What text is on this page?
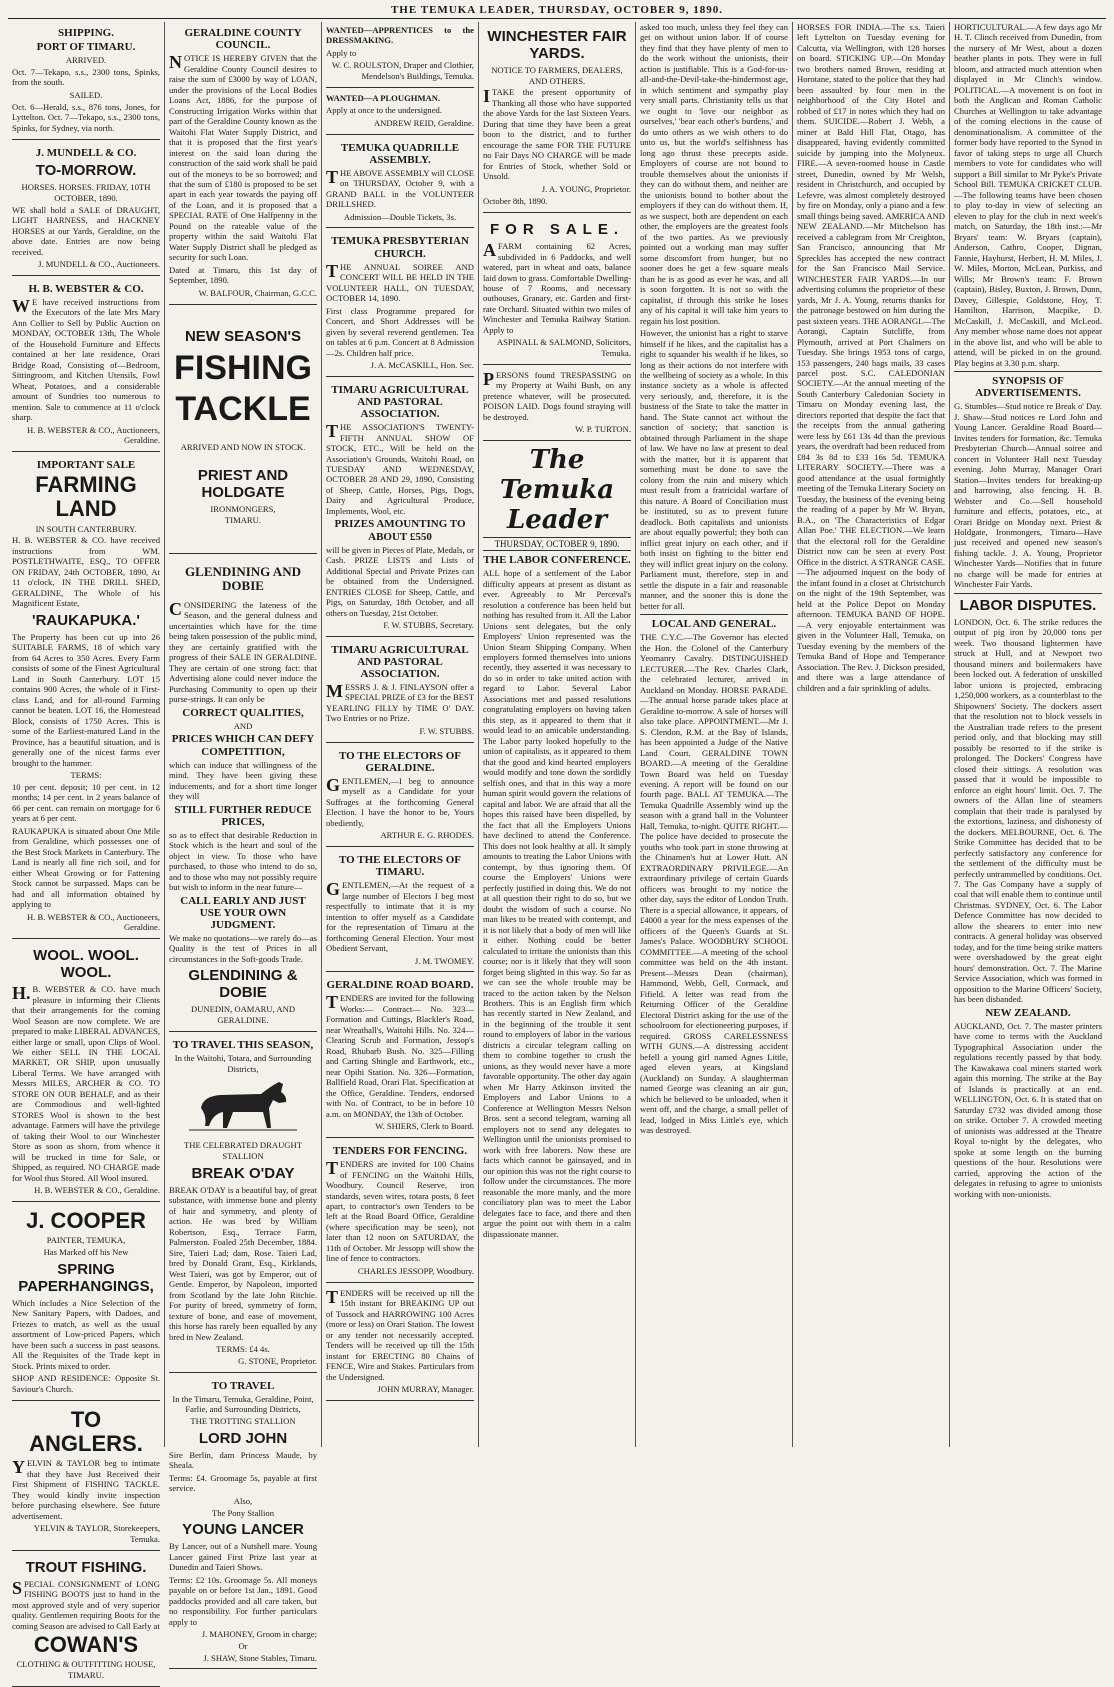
THE TEMUKA LEADER, THURSDAY, OCTOBER 9, 1890.
SHIPPING.
PORT OF TIMARU.
ARRIVED.

Oct. 7—Tekapo, s.s., 2300 tons, Spinks, from the south.

SAILED.

Oct. 6—Herald, s.s., 876 tons, Jones, for Lyttelton. Oct. 7—Tekapo, s.s., 2300 tons, Spinks, for Sydney, via north.

J. MUNDELL & CO.
TO-MORROW.
HORSES. HORSES. FRIDAY, 10TH OCTOBER, 1890.

WE shall hold a SALE of DRAUGHT, LIGHT HARNESS, and HACKNEY HORSES at our Yards, Geraldine, on the above date. Entries are now being received.

J. MUNDELL & CO., Auctioneers.
H. B. WEBSTER & CO.

WE have received instructions from the Executors of the late Mrs Mary Ann Collier to Sell by Public Auction on MONDAY, OCTOBER 13th, The Whole of the Household Furniture and Effects contained at her late residence, Orari Bridge Road, Consisting of—Bedroom, Sittingroom, and Kitchen Utensils, Fowl Wheat, Potatoes, and a considerable amount of Sundries too numerous to mention. Sale to commence at 11 o'clock sharp.

H. B. WEBSTER & CO., Auctioneers, Geraldine.
IMPORTANT SALE
FARMING LAND
IN SOUTH CANTERBURY.

H. B. WEBSTER & CO. have received instructions from WM. POSTLETHWAITE, ESQ., TO OFFER ON FRIDAY, 24th OCTOBER, 1890, At 11 o'clock, IN THE DRILL SHED, GERALDINE, The Whole of his Magnificent Estate,

'RAUKAPUKA.'

The Property has been cut up into 26 SUITABLE FARMS, 18 of which vary from 64 Acres to 350 Acres. Every Farm consists of some of the Finest Agricultural Land in South Canterbury. LOT 15 contains 900 Acres, the whole of it First-class Land, and for all-round Farming cannot be beaten. LOT 16, the Homestead Block, consists of 1750 Acres. This is some of the Earliest-matured Land in the Province, has a beautiful situation, and is generally one of the nicest farms ever brought to the hammer.

TERMS:

10 per cent. deposit; 10 per cent. in 12 months; 14 per cent. in 2 years balance of 66 per cent. can remain on mortgage for 6 years at 6 per cent.

RAUKAPUKA is situated about One Mile from Geraldine, which possesses one of the Best Stock Markets in Canterbury. The Land is nearly all fine rich soil, and for either Wheat Growing or for Fattening Stock cannot be surpassed. Maps can be had and all information obtained by applying to

H. B. WEBSTER & CO., Auctioneers, Geraldine.
WOOL. WOOL. WOOL.

H.B. WEBSTER & CO. have much pleasure in informing their Clients that their arrangements for the coming Wool Season are now complete. We are prepared to make LIBERAL ADVANCES, either large or small, upon Clips of Wool. We either SELL IN THE LOCAL MARKET, OR SHIP, upon unusually Liberal Terms. We have arranged with Messrs MILES, ARCHER & CO. TO STORE ON OUR BEHALF, and as their are Commodious and well-lighted STORES Wool is shown to the best advantage. Farmers will have the privilege of taking their Wool to our Winchester Store as soon as shorn, from whence it will be trucked in time for Sale, or Shipped, as required. NO CHARGE made for Wool thus Stored. All Wool insured.

H. B. WEBSTER & CO., Geraldine.
J. COOPER
PAINTER, TEMUKA,
Has Marked off his New
SPRING PAPERHANGINGS,

Which includes a Nice Selection of the New Sanitary Papers, with Dadoes, and Friezes to match, as well as the usual assortment of Low-priced Papers, which have been such a success in past seasons. All the Requisites of the Trade kept in Stock. Prints mixed to order.

SHOP AND RESIDENCE: Opposite St. Saviour's Church.

TO ANGLERS.

YELVIN & TAYLOR beg to intimate that they have Just Received their First Shipment of FISHING TACKLE. They would kindly invite inspection before purchasing elsewhere. See future advertisement.

YELVIN & TAYLOR, Storekeepers, Temuka.
TROUT FISHING.

SPECIAL CONSIGNMENT of LONG FISHING BOOTS just to hand in the most approved style and of very superior quality. Gentlemen requiring Boots for the coming Season are advised to Call Early at

COWAN'S
CLOTHING & OUTFITTING HOUSE, TIMARU.
GERALDINE COUNTY COUNCIL.

NOTICE IS HEREBY GIVEN that the Geraldine County Council desires to raise the sum of £3000 by way of LOAN, under the provisions of the Local Bodies Loans Act, 1886, for the purpose of Constructing Irrigation Works within that part of the Geraldine County known as the Waitohi Flat Water Supply District, and that it is proposed that the first year's interest on the said loan during the construction of the said work shall be paid out of the moneys to be so borrowed; and that the sum of £180 is proposed to be set apart in each year towards the paying off of the Loan, and it is proposed that a SPECIAL RATE of One Halfpenny in the Pound on the rateable value of the property within the said Waitohi Flat Water Supply District shall be pledged as security for such Loan.

Dated at Timaru, this 1st day of September, 1890.

W. BALFOUR, Chairman, G.C.C.
NEW SEASON'S
FISHING
TACKLE
ARRIVED AND NOW IN STOCK.
PRIEST AND HOLDGATE
IRONMONGERS,
TIMARU.
GLENDINING AND DOBIE

CONSIDERING the lateness of the Season, and the general dulness and uncertainties which have for the time being taken possession of the public mind, they are certainly gratified with the progress of their SALE IN GERALDINE. They are certain of one strong fact: that Advertising alone could never induce the Purchasing Community to open up their purse-strings. It can only be

CORRECT QUALITIES,
AND
PRICES WHICH CAN DEFY COMPETITION,

which can induce that willingness of the mind. They have been giving these inducements, and for a short time longer they will

STILL FURTHER REDUCE PRICES,

so as to effect that desirable Reduction in Stock which is the heart and soul of the object in view. To those who have purchased, to those who intend to do so, and to those who may not possibly require but wish to inform in the near future—

CALL EARLY AND JUST USE YOUR OWN JUDGMENT.

We make no quotations—we rarely do—as Quality is the test of Prices in all circumstances in the Soft-goods Trade.

GLENDINING & DOBIE
DUNEDIN, OAMARU, AND GERALDINE.
TO TRAVEL THIS SEASON,
In the Waitohi, Totara, and Surrounding Districts,
THE CELEBRATED DRAUGHT STALLION
BREAK O'DAY

BREAK O'DAY is a beautiful bay, of great substance, with immense bone and plenty of hair and symmetry, and plenty of action. He was bred by William Robertson, Esq., Terrace Farm, Palmerston. Foaled 25th December, 1884. Sire, Taieri Lad; dam, Rose. Taieri Lad, bred by Donald Grant, Esq., Kirklands, West Taieri, was got by Emperor, out of Gentle. Emperor, by Napoleon, imported from Scotland by the late John Ritchie. For purity of breed, symmetry of form, texture of bone, and ease of movement, this horse has rarely been equalled by any bred in New Zealand.

TERMS: £4 4s.
G. STONE, Proprietor.
TO TRAVEL
In the Timaru, Temuka, Geraldine, Point, Farlie, and Surrounding Districts,
THE TROTTING STALLION
LORD JOHN

Sire Berlin, dam Princess Maude, by Sheala.

Terms: £4. Groomage 5s, payable at first service.

Also,
The Pony Stallion
YOUNG LANCER

By Lancer, out of a Nutshell mare. Young Lancer gained First Prize last year at Dunedin and Taieri Shows.

Terms: £2 10s. Groomage 5s. All moneys payable on or before 1st Jan., 1891. Good paddocks provided and all care taken, but no responsibility. For further particulars apply to

J. MAHONEY, Groom in charge;
Or
J. SHAW, Stone Stables, Timaru.

WANTED—APPRENTICES to the DRESSMAKING.

Apply to

W. C. ROULSTON, Draper and Clothier, Mendelson's Buildings, Temuka.

WANTED—A PLOUGHMAN.

Apply at once to the undersigned.

ANDREW REID, Geraldine.
TEMUKA QUADRILLE ASSEMBLY.

THE ABOVE ASSEMBLY will CLOSE on THURSDAY, October 9, with a GRAND BALL in the VOLUNTEER DRILLSHED.

Admission—Double Tickets, 3s.
TEMUKA PRESBYTERIAN CHURCH.

THE ANNUAL SOIREE AND CONCERT WILL BE HELD IN THE VOLUNTEER HALL, ON TUESDAY, OCTOBER 14, 1890.

First class Programme prepared for Concert, and Short Addresses will be given by several reverend gentlemen. Tea on tables at 6 p.m. Concert at 8 Admission—2s. Children half price.

J. A. McCASKILL, Hon. Sec.
TIMARU AGRICULTURAL AND PASTORAL ASSOCIATION.

THE ASSOCIATION'S TWENTY-FIFTH ANNUAL SHOW OF STOCK, ETC., Will be held on the Association's Grounds, Waitohi Road, on TUESDAY AND WEDNESDAY, OCTOBER 28 AND 29, 1890, Consisting of Sheep, Cattle, Horses, Pigs, Dogs, Dairy and Agricultural Produce, Implements, Wool, etc.

PRIZES AMOUNTING TO ABOUT £550

will be given in Pieces of Plate, Medals, or Cash. PRIZE LISTS and Lists of Additional Special and Private Prizes can be obtained from the Undersigned. ENTRIES CLOSE for Sheep, Cattle, and Pigs, on Saturday, 18th October, and all others on Tuesday, 21st October.

F. W. STUBBS, Secretary.
TIMARU AGRICULTURAL AND PASTORAL ASSOCIATION.

MESSRS J. & J. FINLAYSON offer a SPECIAL PRIZE of £3 for the BEST YEARLING FILLY by TIME O' DAY. Two Entries or no Prize.

F. W. STUBBS.
TO THE ELECTORS OF GERALDINE.

GENTLEMEN,—I beg to announce myself as a Candidate for your Suffrages at the forthcoming General Election. I have the honor to be, Yours obediently,

ARTHUR E. G. RHODES.
TO THE ELECTORS OF TIMARU.

GENTLEMEN,—At the request of a large number of Electors I beg most respectfully to intimate that it is my intention to offer myself as a Candidate for the representation of Timaru at the forthcoming General Election. Your most Obedient Servant,

J. M. TWOMEY.
GERALDINE ROAD BOARD.

TENDERS are invited for the following Works:— Contract— No. 323—Formation and Cuttings, Blackler's Road, near Wreathall's, Waitohi Hills. No. 324—Clearing Scrub and Formation, Jessop's Road, Rhubarb Bush. No. 325—Filling and Carting Shingle and Earthwork, etc., near Opihi Station. No. 326—Formation, Ballfield Road, Orari Flat. Specification at the Office, Geraldine. Tenders, endorsed with No. of Contract, to be in before 10 a.m. on MONDAY, the 13th of October.

W. SHIERS, Clerk to Board.
TENDERS FOR FENCING.

TENDERS are invited for 100 Chains of FENCING on the Waitohi Hills, Woodbury. Council Reserve, iron standards, seven wires, totara posts, 8 feet apart, to contractor's own Tenders to be left at the Road Board Office, Geraldine (where specification may be seen), not later than 12 noon on SATURDAY, the 11th of October. Mr Jessopp will show the line of fence to contractors.

CHARLES JESSOPP, Woodbury.

TENDERS will be received up till the 15th instant for BREAKING UP out of Tussock and HARROWING 100 Acres (more or less) on Orari Station. The lowest or any tender not necessarily accepted. Tenders will be received up till the 15th instant for ERECTING 80 Chains of FENCE, Wire and Stakes. Particulars from the Undersigned.

JOHN MURRAY, Manager.
WINCHESTER FAIR YARDS.
NOTICE TO FARMERS, DEALERS, AND OTHERS.

ITAKE the present opportunity of Thanking all those who have supported the above Yards for the last Sixteen Years. During that time they have been a great boon to the district, and to further encourage the same FOR THE FUTURE no Fair Days NO CHARGE will be made for Entries of Stock, whether Sold or Unsold.

J. A. YOUNG, Proprietor.

October 8th, 1890.

FOR SALE.

AFARM containing 62 Acres, subdivided in 6 Paddocks, and well watered, part in wheat and oats, balance laid down to grass. Comfortable Dwelling-house of 7 Rooms, and necessary outhouses, Granary, etc. Garden and first-rate Orchard. Situated within two miles of Winchester and Temuka Railway Station. Apply to

ASPINALL & SALMOND, Solicitors, Temuka.

PERSONS found TRESPASSING on my Property at Waihi Bush, on any pretence whatever, will be prosecuted. POISON LAID. Dogs found straying will be destroyed.

W. P. TURTON.
The Temuka Leader
THURSDAY, OCTOBER 9, 1890.
THE LABOR CONFERENCE.

ALL hope of a settlement of the Labor difficulty appears at present as distant as ever. Agreeably to Mr Perceval's resolution a conference has been held but nothing has resulted from it. All the Labor Unions sent delegates, but the only Employers' Union represented was the Union Steam Shipping Company. When employers formed themselves into unions recently, they asserted it was necessary to do so in order to take united action with regard to Labor. Several Labor Associations met and passed resolutions congratulating employers on having taken this step, as it appeared to them that it would lead to an amicable understanding. The Labor party looked hopefully to the union of capitalists, as it appeared to them that the good and kind hearted employers would modify and tone down the sordidly selfish ones, and that in this way a more human spirit would govern the relations of capital and labor. We are afraid that all the hopes this raised have been dispelled, by the fact that all the Employers Unions have declined to attend the Conference. This does not look healthy at all. It simply amounts to treating the Labor Unions with contempt, by thus ignoring them. Of course the Employers' Unions were perfectly justified in doing this. We do not at all question their right to do so, but we doubt the wisdom of such a course. No man likes to be treated with contempt, and it is not likely that a body of men will like it either. Nothing could be better calculated to irritate the unionists than this course; nor is it likely that they will soon forget being slighted in this way. So far as we can see the whole trouble may be traced to the action taken by the Nelson Brothers. This is an English firm which has recently started in New Zealand, and in the beginning of the trouble it sent round to employers of labor in the various districts a circular telegram calling on them to combine together to crush the unions, as they would never have a more favorable opportunity. The other day again when Mr Harry Atkinson invited the Employers and Labor Unions to a Conference at Wellington Messrs Nelson Bros. sent a second telegram, warning all employers not to send any delegates to Wellington until the unionists promised to work with free laborers. Now these are facts which cannot be gainsayed, and in our opinion this was not the right course to follow under the circumstances. The more reasonable the more manly, and the more conciliatory plan was to meet the Labor delegates face to face, and there and then argue the point out with them in a calm dispassionate manner.

asked too much, unless they feel they can get on without union labor. If of course they find that they have plenty of men to do the work without the unionists, their action is justifiable. This is a God-for-us-all-and-the-Devil-take-the-hindermost age, in which sentiment and sympathy play very small parts. Christianity tells us that we ought to 'love our neighbor as ourselves,' 'bear each other's burdens,' and do unto others as we wish others to do unto us, but the world's selfishness has long ago thrust these precepts aside. Employers of course are not bound to trouble themselves about the unionists if they can do without them, and neither are the unionists bound to bother about the employers if they can do without them. If, as we suspect, both are dependent on each other, the employers are the greatest fools of the two parties. As we previously pointed out a working man may suffer some discomfort from hunger, but no sooner does he get a few square meals than he is as good as ever he was, and all is soon forgotten. It is not so with the capitalist, if through this strike he loses any of his capital it will take him years to regain his lost position.

However, the unionist has a right to starve himself if he likes, and the capitalist has a right to squander his wealth if he likes, so long as their actions do not interfere with the wellbeing of society as a whole. In this instance society as a whole is affected very seriously, and, therefore, it is the business of the State to take the matter in hand. The State cannot act without the sanction of society; that sanction is obtained through Parliament in the shape of law. We have no law at present to deal with the matter, but it is apparent that something must be done to save the colony from the ruin and misery which must result from a fratricidal warfare of this nature. A Board of Conciliation must be instituted, so as to prevent future deadlock. Both capitalists and unionists are about equally powerful; they both can inflict great injury on each other, and if both insist on fighting to the bitter end they will inflict great injury on the colony. Parliament must, therefore, step in and settle the dispute in a fair and reasonable manner, and the sooner this is done the better for all.

LOCAL AND GENERAL.

THE C.Y.C.—The Governor has elected the Hon. the Colonel of the Canterbury Yeomanry Cavalry. DISTINGUISHED LECTURER.—The Rev. Charles Clark, the celebrated lecturer, arrived in Auckland on Monday. HORSE PARADE.—The annual horse parade takes place at Geraldine to-morrow. A sale of horses will also take place. APPOINTMENT.—Mr J. S. Clendon, R.M. at the Bay of Islands, has been appointed a Judge of the Native Land Court. GERALDINE TOWN BOARD.—A meeting of the Geraldine Town Board was held on Tuesday evening. A report will be found on our fourth page. BALL AT TEMUKA.—The Temuka Quadrille Assembly wind up the season with a grand ball in the Volunteer Hall, Temuka, to-night. QUITE RIGHT.—The police have decided to prosecute the youths who took part in stone throwing at the Chinamen's hut at Lower Hutt. AN EXTRAORDINARY PRIVILEGE.—An extraordinary privilege of certain Guards officers was brought to my notice the other day, says the editor of London Truth. There is a special allowance, it appears, of £4000 a year for the mess expenses of the officers of the Queen's Guards at St. James's Palace. WOODBURY SCHOOL COMMITTEE.—A meeting of the school committee was held on the 4th instant. Present—Messrs Dean (chairman), Hammond, Webb, Gell, Cormack, and Fifield. A letter was read from the Returning Officer of the Geraldine Electoral District asking for the use of the schoolroom for electioneering purposes, if required. GROSS CARELESSNESS WITH GUNS.—A distressing accident befell a young girl named Agnes Little, aged eleven years, at Kingsland (Auckland) on Sunday. A slaughterman named George was cleaning an air gun, which he believed to be unloaded, when it went off, and the charge, a small pellet of lead, lodged in Miss Little's eye, which was destroyed.

HORSES FOR INDIA.—The s.s. Taieri left Lyttelton on Tuesday evening for Calcutta, via Wellington, with 128 horses on board. STICKING UP.—On Monday two brothers named Brown, residing at Horotane, stated to the police that they had been assaulted by four men in the neighborhood of the City Hotel and robbed of £17 in notes which they had on them. SUICIDE.—Robert J. Webb, a miner at Bald Hill Flat, Otago, has disappeared, having evidently committed suicide by jumping into the Molyneux. FIRE.—A seven-roomed house in Castle street, Dunedin, owned by Mr Welsh, resident in Christchurch, and occupied by Lefevre, was almost completely destroyed by fire on Monday, only a piano and a few small things being saved. AMERICA AND NEW ZEALAND.—Mr Mitchelson has received a cablegram from Mr Creighton, San Francisco, announcing that Mr Spreckles has accepted the new contract for the San Francisco Mail Service. WINCHESTER FAIR YARDS.—In our advertising columns the proprietor of these yards, Mr J. A. Young, returns thanks for the patronage bestowed on him during the past sixteen years. THE AORANGI.—The Aorangi, Captain Sutcliffe, from Plymouth, arrived at Port Chalmers on Tuesday. She brings 1953 tons of cargo, 153 passengers, 240 bags mails, 33 cases parcel post. S.C. CALEDONIAN SOCIETY.—At the annual meeting of the South Canterbury Caledonian Society in Timaru on Monday evening last, the directors reported that despite the fact that the receipts from the annual gathering were less by £61 13s 4d than the previous years, the overdraft had been reduced from £84 3s 8d to £33 16s 5d. TEMUKA LITERARY SOCIETY.—There was a good attendance at the usual fortnightly meeting of the Temuka Literary Society on Tuesday, the business of the evening being the reading of a paper by Mr W. Bryan, B.A., on 'The Characteristics of Edgar Allan Poe.' THE ELECTION.—We learn that the electoral roll for the Geraldine District now can be seen at every Post Office in the district. A STRANGE CASE.—The adjourned inquest on the body of the infant found in a closet at Christchurch on the night of the 19th September, was held at the Police Depot on Monday afternoon. TEMUKA BAND OF HOPE.—A very enjoyable entertainment was given in the Volunteer Hall, Temuka, on Tuesday evening by the members of the Temuka Band of Hope and Temperance Association. The Rev. J. Dickson presided, and there was a large attendance of children and a fair sprinkling of adults.

HORTICULTURAL.—A few days ago Mr H. T. Clinch received from Dunedin, from the nursery of Mr West, about a dozen heather plants in pots. They were in full bloom, and attracted much attention when displayed in Mr Clinch's window. POLITICAL.—A movement is on foot in both the Anglican and Roman Catholic Churches at Wellington to take advantage of the coming elections in the cause of denominationalism. A committee of the former body have reported to the Synod in favor of taking steps to urge all Church members to vote for candidates who will support a Bill similar to Mr Pyke's Private School Bill. TEMUKA CRICKET CLUB.—The following teams have been chosen to play to-day in view of selecting an eleven to play for the club in next week's match, on Saturday, the 18th inst.:—Mr Bryars' team: W. Bryars (captain), Anderson, Cathro, Cooper, Dignan, Fannie, Hayhurst, Herbert, H. M. Miles, J. W. Miles, Morton, McLean, Purkiss, and Wills; Mr Brown's team: F. Brown (captain), Bisley, Buxton, J. Brown, Dunn, Davey, Gillespie, Goldstone, Hoy, T. Hamilton, Harrison, Macpike, D. McCaskill, J. McCaskill, and McLeod. Any member whose name does not appear in the above list, and who will be able to attend, will be picked in on the ground. Play begins at 3.30 p.m. sharp.

SYNOPSIS OF ADVERTISEMENTS.

G. Stumbles—Stud notice re Break o' Day. J. Shaw—Stud notices re Lord John and Young Lancer. Geraldine Road Board—Invites tenders for formation, &c. Temuka Presbyterian Church—Annual soiree and concert in Volunteer Hall next Tuesday evening. John Murray, Manager Orari Station—Invites tenders for breaking-up and harrowing, also fencing. H. B. Webster and Co.—Sell household furniture and effects, potatoes, etc., at Orari Bridge on Monday next. Priest & Holdgate, Ironmongers, Timaru—Have just received and opened new season's fishing tackle. J. A. Young, Proprietor Winchester Yards—Notifies that in future no charge will be made for entries at Winchester Fair Yards.

LABOR DISPUTES.

LONDON, Oct. 6. The strike reduces the output of pig iron by 20,000 tons per week. Two thousand lightermen have struck at Hull, and at Newport two thousand miners and boilermakers have been locked out. A federation of unskilled labor unions is projected, embracing 1,250,000 workers, as a counterblast to the Shipowners' Society. The dockers assert that the resolution not to block vessels in the Australian trade refers to the present period only, and that blocking may still possibly be resorted to if the strike is prolonged. The Dockers' Congress have closed their sittings. A resolution was passed that it would be impossible to enforce an eight hours' limit. Oct. 7. The owners of the Allan line of steamers complain that their trade is paralysed by the extortions, laziness, and dishonesty of the dockers. MELBOURNE, Oct. 6. The Strike Committee has decided that to be perfectly satisfactory any conference for the settlement of the difficulty must be perfectly untrammelled by conditions. Oct. 7. The Gas Company have a supply of coal that will enable them to continue until Christmas. SYDNEY, Oct. 6. The Labor Defence Committee has now decided to allow the shearers to enter into new contracts. A general holiday was observed today, and for the time being strike matters were overshadowed by the great eight hours' demonstration. Oct. 7. The Marine Service Association, which was formed in opposition to the Marine Officers' Society, has been disbanded.

NEW ZEALAND.

AUCKLAND, Oct. 7. The master printers have come to terms with the Auckland Typographical Association under the regulations recently passed by that body. The Kawakawa coal miners started work again this morning. The strike at the Bay of Islands is practically at an end. WELLINGTON, Oct. 6. It is stated that on Saturday £732 was divided among those on strike. October 7. A crowded meeting of unionists was addressed at the Theatre Royal to-night by the delegates, who spoke at some length on the burning questions of the hour. Resolutions were carried, approving the action of the delegates in refusing to agree to unionists working with non-unionists.
